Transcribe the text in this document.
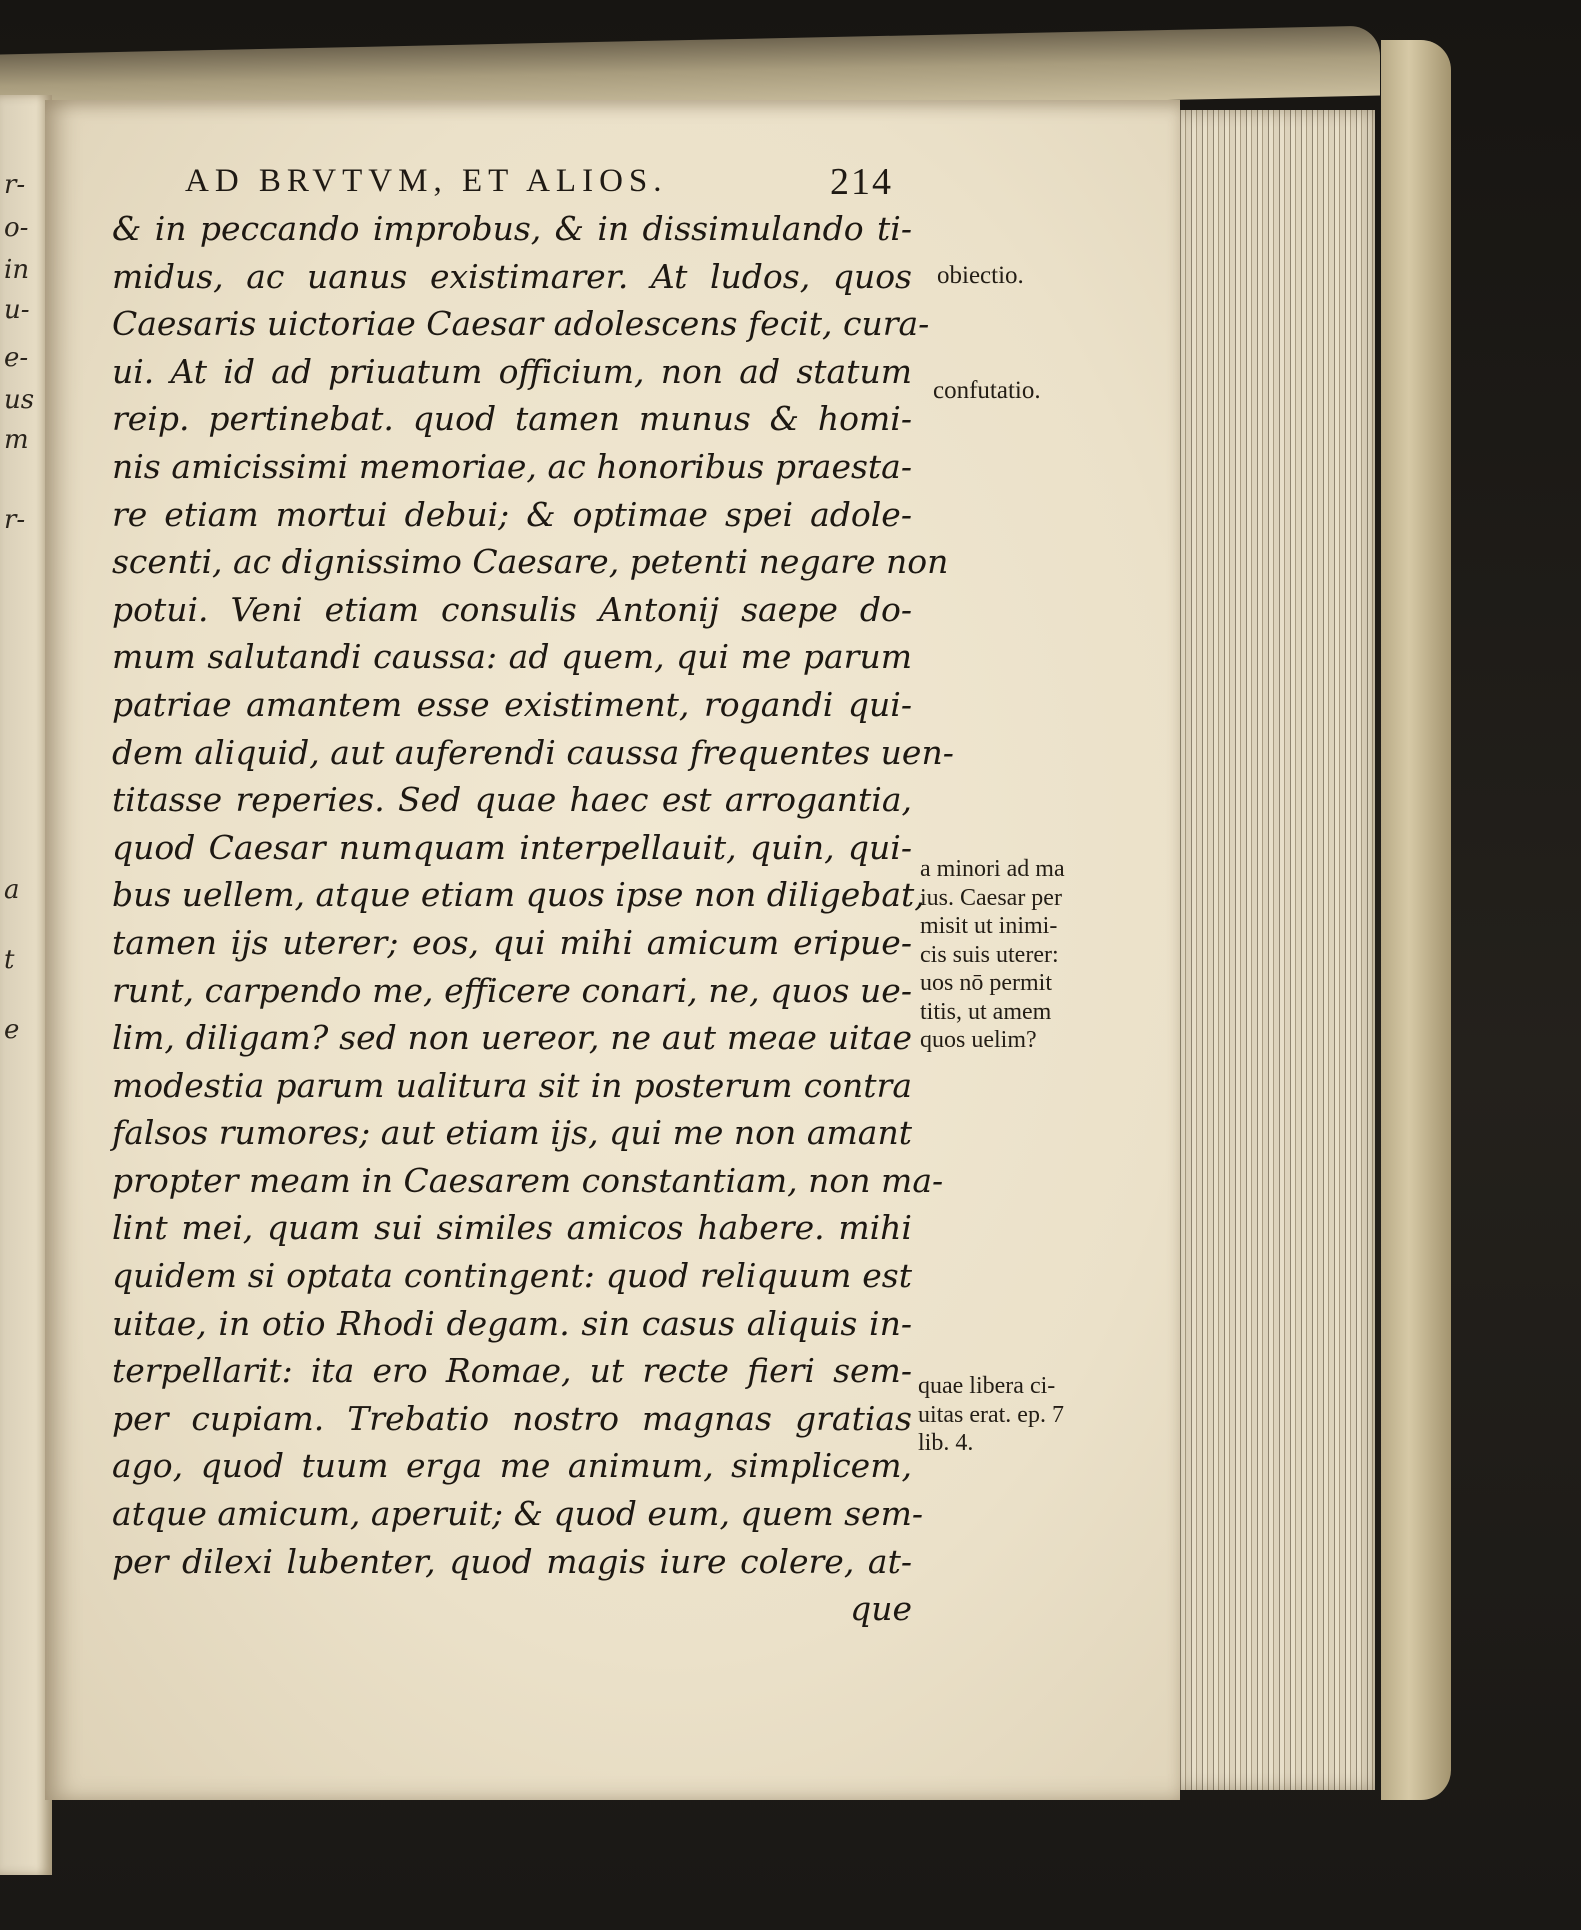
r-
o-
in
u-
e-
us
m
r-
a
t
e
AD BRVTVM, ET ALIOS.	214
& in peccando improbus, & in dissimulando ti-
midus, ac uanus existimarer. At ludos, quos
Caesaris uictoriae Caesar adolescens fecit, cura-
ui. At id ad priuatum officium, non ad statum
reip. pertinebat. quod tamen munus & homi-
nis amicissimi memoriae, ac honoribus praesta-
re etiam mortui debui; & optimae spei adole-
scenti, ac dignissimo Caesare, petenti negare non
potui. Veni etiam consulis Antonij saepe do-
mum salutandi caussa: ad quem, qui me parum
patriae amantem esse existiment, rogandi qui-
dem aliquid, aut auferendi caussa frequentes uen-
titasse reperies. Sed quae haec est arrogantia,
quod Caesar numquam interpellauit, quin, qui-
bus uellem, atque etiam quos ipse non diligebat,
tamen ijs uterer; eos, qui mihi amicum eripue-
runt, carpendo me, efficere conari, ne, quos ue-
lim, diligam? sed non uereor, ne aut meae uitae
modestia parum ualitura sit in posterum contra
falsos rumores; aut etiam ijs, qui me non amant
propter meam in Caesarem constantiam, non ma-
lint mei, quam sui similes amicos habere. mihi
quidem si optata contingent: quod reliquum est
uitae, in otio Rhodi degam. sin casus aliquis in-
terpellarit: ita ero Romae, ut recte fieri sem-
per cupiam. Trebatio nostro magnas gratias
ago, quod tuum erga me animum, simplicem,
atque amicum, aperuit; & quod eum, quem sem-
per dilexi lubenter, quod magis iure colere, at-
que
obiectio.
confutatio.
a minori ad ma
ius. Caesar per
misit ut inimi-
cis suis uterer:
uos nō permit
titis, ut amem
quos uelim?
quae libera ci-
uitas erat. ep. 7
lib. 4.
